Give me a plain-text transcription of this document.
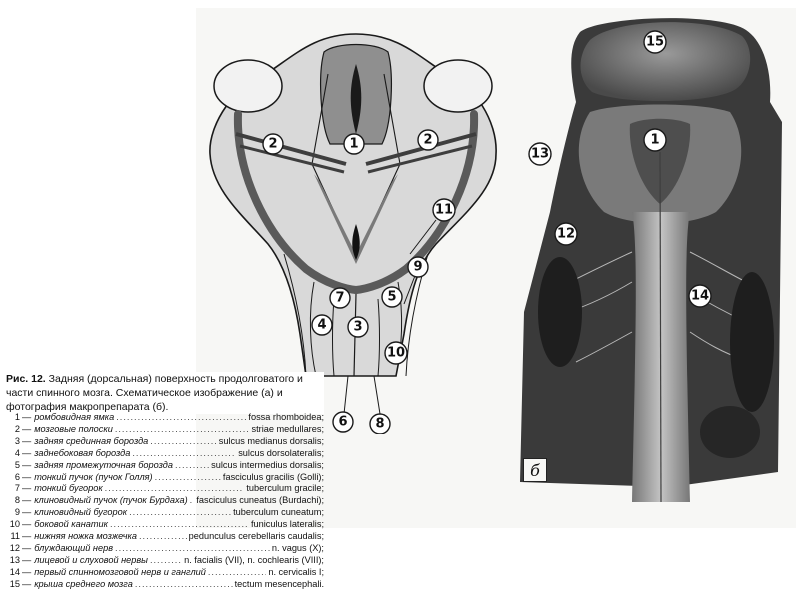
1
2	2
3
4
5
6
7
8
9
10
11
15
1
13
12
14
б
Рис. 12. Задняя (дорсальная) поверхность продолговатого и части спинного мозга. Схематическое изображение (а) и фотография макропрепарата (б).
1 — ромбовидная ямка .....	fossa rhomboidea;
2 — мозговые полоски .....	striae medullares;
3 — задняя срединная борозда .....	sulcus medianus dorsalis;
4 — заднебоковая борозда .....	sulcus dorsolateralis;
5 — задняя промежуточная борозда .....	sulcus intermedius dorsalis;
6 — тонкий пучок (пучок Голля) .....	fasciculus gracilis (Golli);
7 — тонкий бугорок .....	tuberculum gracile;
8 — клиновидный пучок (пучок Бурдаха) ..... fasciculus cuneatus (Burdachi);
9 — клиновидный бугорок .....	tuberculum cuneatum;
10 — боковой канатик .....	funiculus lateralis;
11 — нижняя ножка мозжечка .....	pedunculus cerebellaris caudalis;
12 — блуждающий нерв .....	n. vagus (X);
13 — лицевой и слуховой нервы .....	n. facialis (VII), n. cochlearis (VIII);
14 — первый спинномозговой нерв и ганглий .....	n. cervicalis I;
15 — крыша среднего мозга .....	tectum mesencephali.
